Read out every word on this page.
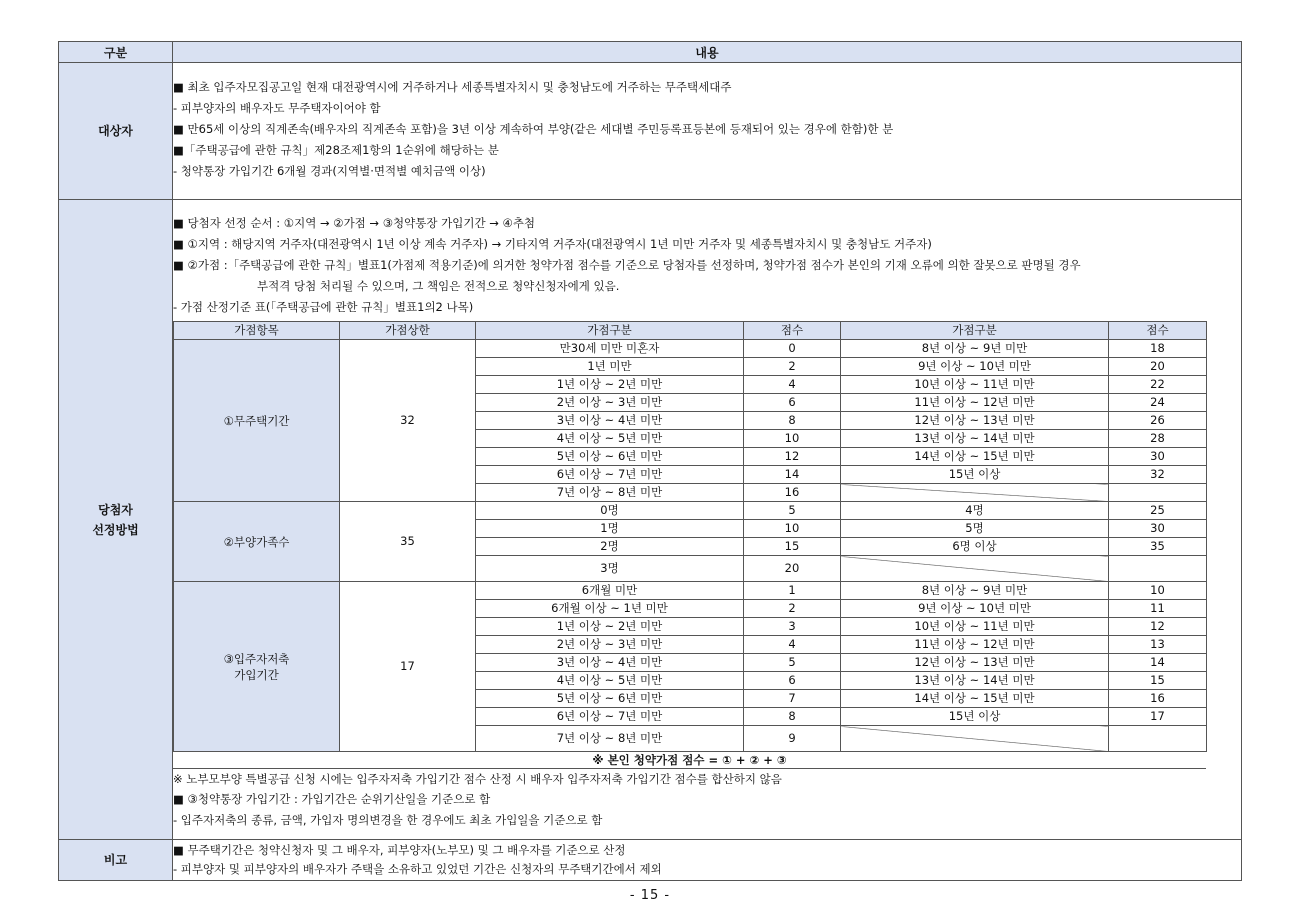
구분	내용
대상자	
■ 최초 입주자모집공고일 현재 대전광역시에 거주하거나 세종특별자치시 및 충청남도에 거주하는 무주택세대주
- 피부양자의 배우자도 무주택자이어야 함
■ 만65세 이상의 직계존속(배우자의 직계존속 포함)을 3년 이상 계속하여 부양(같은 세대별 주민등록표등본에 등재되어 있는 경우에 한함)한 분
■「주택공급에 관한 규칙」제28조제1항의 1순위에 해당하는 분
- 청약통장 가입기간 6개월 경과(지역별·면적별 예치금액 이상)

당첨자
선정방법

■ 당첨자 선정 순서 : ①지역 → ②가점 → ③청약통장 가입기간 → ④추첨
■ ①지역 : 해당지역 거주자(대전광역시 1년 이상 계속 거주자) → 기타지역 거주자(대전광역시 1년 미만 거주자 및 세종특별자치시 및 충청남도 거주자)
■ ②가점 :「주택공급에 관한 규칙」별표1(가점제 적용기준)에 의거한 청약가점 점수를 기준으로 당첨자를 선정하며, 청약가점 점수가 본인의 기재 오류에 의한 잘못으로 판명될 경우
부적격 당첨 처리될 수 있으며, 그 책임은 전적으로 청약신청자에게 있음.
- 가점 산정기준 표(「주택공급에 관한 규칙」별표1의2 나목)
가점항목	가점상한	가점구분	점수	가점구분	점수
①무주택기간	32	만30세 미만 미혼자	0	8년 이상 ~ 9년 미만	18
1년 미만	2	9년 이상 ~ 10년 미만	20
1년 이상 ~ 2년 미만	4	10년 이상 ~ 11년 미만	22
2년 이상 ~ 3년 미만	6	11년 이상 ~ 12년 미만	24
3년 이상 ~ 4년 미만	8	12년 이상 ~ 13년 미만	26
4년 이상 ~ 5년 미만	10	13년 이상 ~ 14년 미만	28
5년 이상 ~ 6년 미만	12	14년 이상 ~ 15년 미만	30
6년 이상 ~ 7년 미만	14	15년 이상	32
7년 이상 ~ 8년 미만	16		
②부양가족수	35	0명	5	4명	25
1명	10	5명	30
2명	15	6명 이상	35
3명	20		

③입주자저축
가입기간
	17	6개월 미만	1	8년 이상 ~ 9년 미만	10
6개월 이상 ~ 1년 미만	2	9년 이상 ~ 10년 미만	11
1년 이상 ~ 2년 미만	3	10년 이상 ~ 11년 미만	12
2년 이상 ~ 3년 미만	4	11년 이상 ~ 12년 미만	13
3년 이상 ~ 4년 미만	5	12년 이상 ~ 13년 미만	14
4년 이상 ~ 5년 미만	6	13년 이상 ~ 14년 미만	15
5년 이상 ~ 6년 미만	7	14년 이상 ~ 15년 미만	16
6년 이상 ~ 7년 미만	8	15년 이상	17
7년 이상 ~ 8년 미만	9		
※ 본인 청약가점 점수 = ① + ② + ③
※ 노부모부양 특별공급 신청 시에는 입주자저축 가입기간 점수 산정 시 배우자 입주자저축 가입기간 점수를 합산하지 않음
■ ③청약통장 가입기간 : 가입기간은 순위기산일을 기준으로 함
- 입주자저축의 종류, 금액, 가입자 명의변경을 한 경우에도 최초 가입일을 기준으로 함

비고	
■ 무주택기간은 청약신청자 및 그 배우자, 피부양자(노부모) 및 그 배우자를 기준으로 산정
- 피부양자 및 피부양자의 배우자가 주택을 소유하고 있었던 기간은 신청자의 무주택기간에서 제외
- 15 -
